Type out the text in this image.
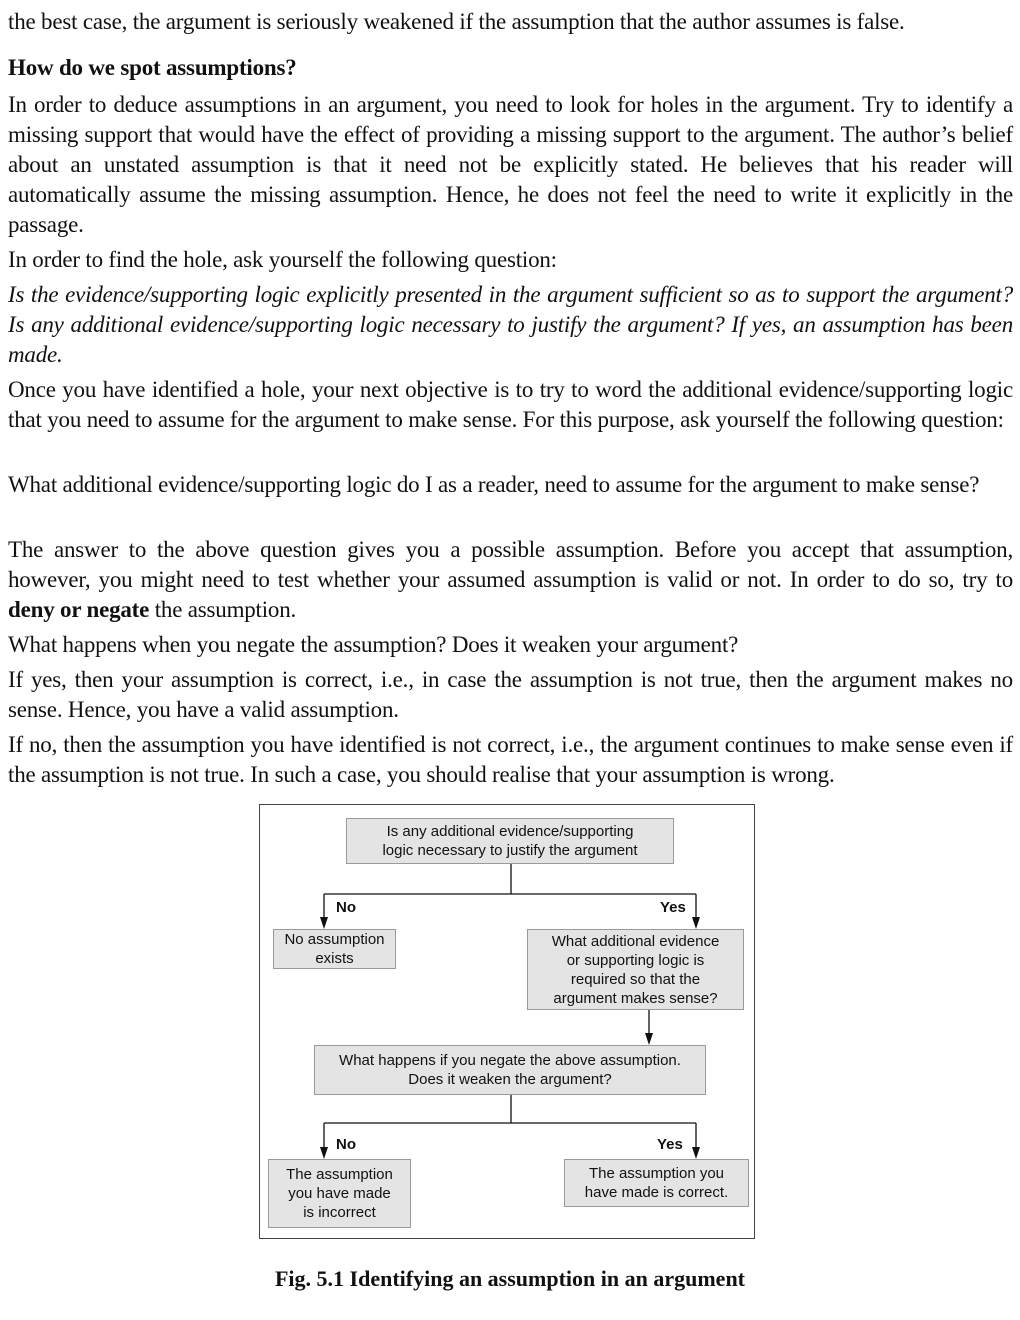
the best case, the argument is seriously weakened if the assumption that the author assumes is false.
How do we spot assumptions?
In order to deduce assumptions in an argument, you need to look for holes in the argument. Try to identify a missing support that would have the effect of providing a missing support to the argument. The author’s belief about an unstated assumption is that it need not be explicitly stated. He believes that his reader will automatically assume the missing assumption. Hence, he does not feel the need to write it explicitly in the passage.
In order to find the hole, ask yourself the following question:
Is the evidence/supporting logic explicitly presented in the argument sufficient so as to support the argument? Is any additional evidence/supporting logic necessary to justify the argument? If yes, an assumption has been made.
Once you have identified a hole, your next objective is to try to word the additional evidence/supporting logic that you need to assume for the argument to make sense. For this purpose, ask yourself the following question:
What additional evidence/supporting logic do I as a reader, need to assume for the argument to make sense?
The answer to the above question gives you a possible assumption. Before you accept that assumption, however, you might need to test whether your assumed assumption is valid or not. In order to do so, try to deny or negate the assumption.
What happens when you negate the assumption? Does it weaken your argument?
If yes, then your assumption is correct, i.e., in case the assumption is not true, then the argument makes no sense. Hence, you have a valid assumption.
If no, then the assumption you have identified is not correct, i.e., the argument continues to make sense even if the assumption is not true. In such a case, you should realise that your assumption is wrong.
Is any additional evidence/supporting
logic necessary to justify the argument
No	Yes
No assumption
exists
What additional evidence
or supporting logic is
required so that the
argument makes sense?
What happens if you negate the above assumption.
Does it weaken the argument?
No	Yes
The assumption
you have made
is incorrect
The assumption you
have made is correct.
Fig. 5.1 Identifying an assumption in an argument
